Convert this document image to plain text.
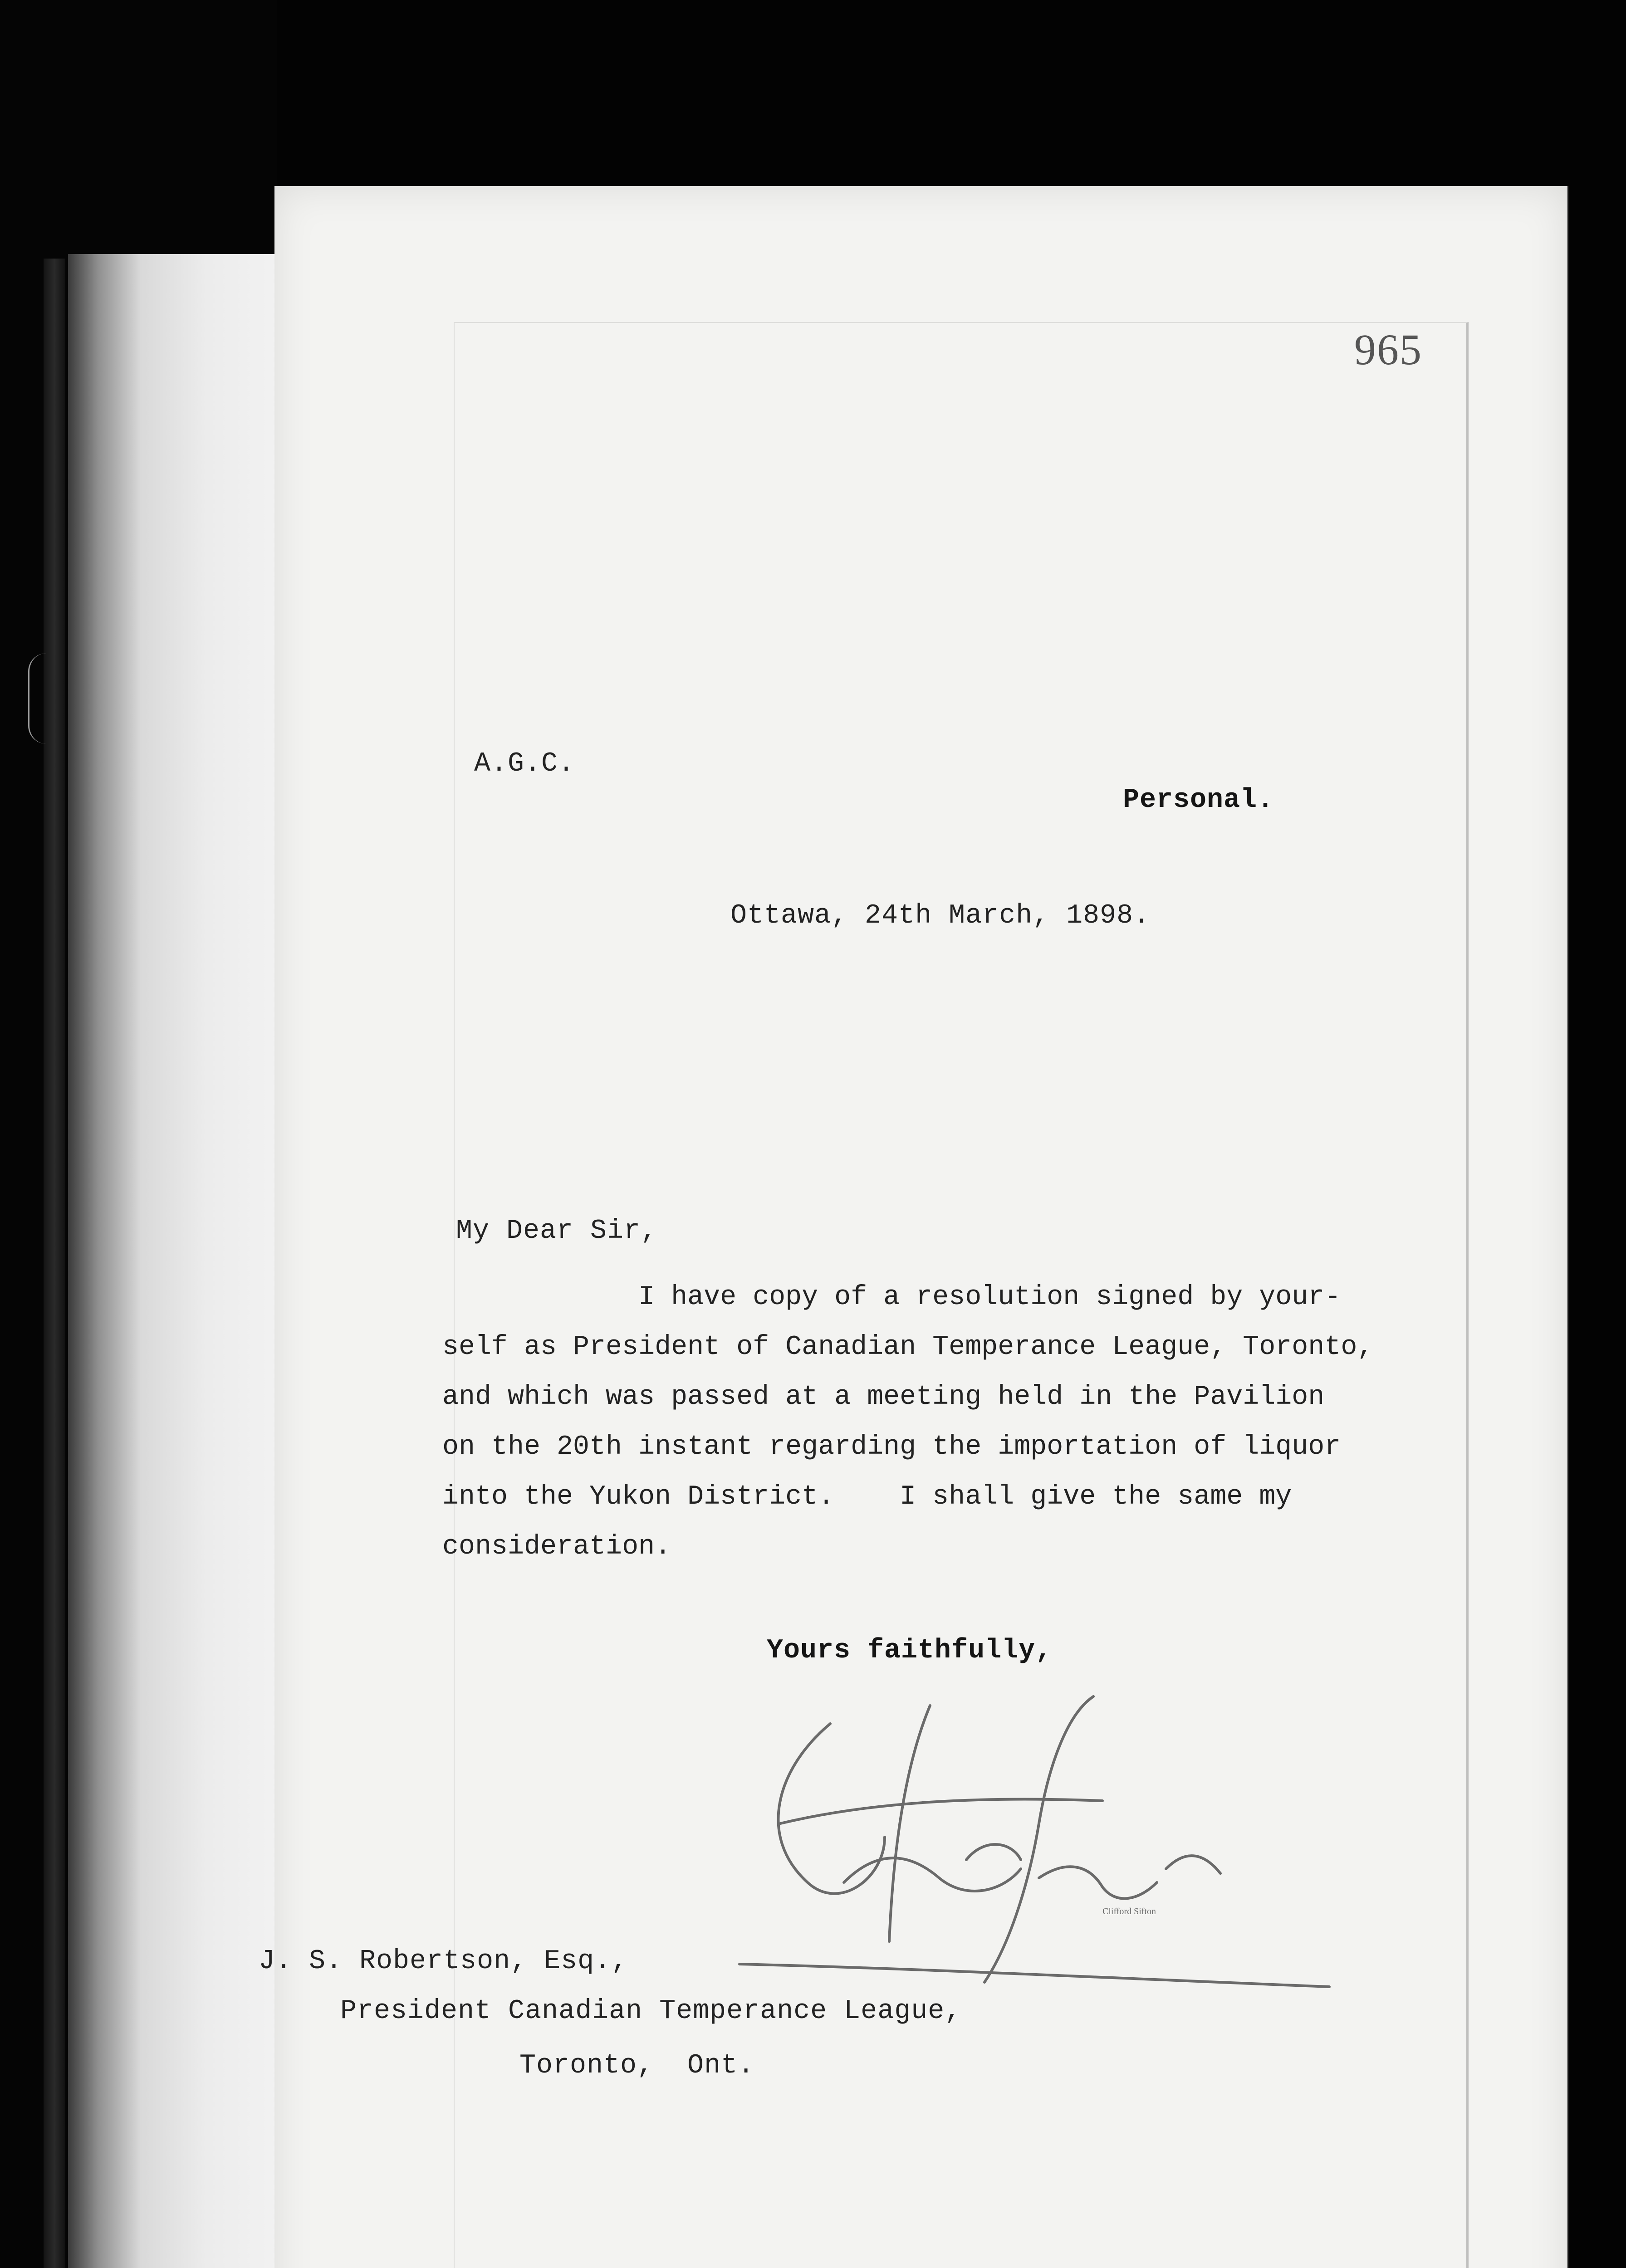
965
A.G.C.
Personal.
Ottawa, 24th March, 1898.
My Dear Sir,
I have copy of a resolution signed by your-
self as President of Canadian Temperance League, Toronto,
and which was passed at a meeting held in the Pavilion
on the 20th instant regarding the importation of liquor
into the Yukon District.    I shall give the same my
consideration.
Yours faithfully,
Clifford Sifton
J. S. Robertson, Esq.,
President Canadian Temperance League,
Toronto,  Ont.
